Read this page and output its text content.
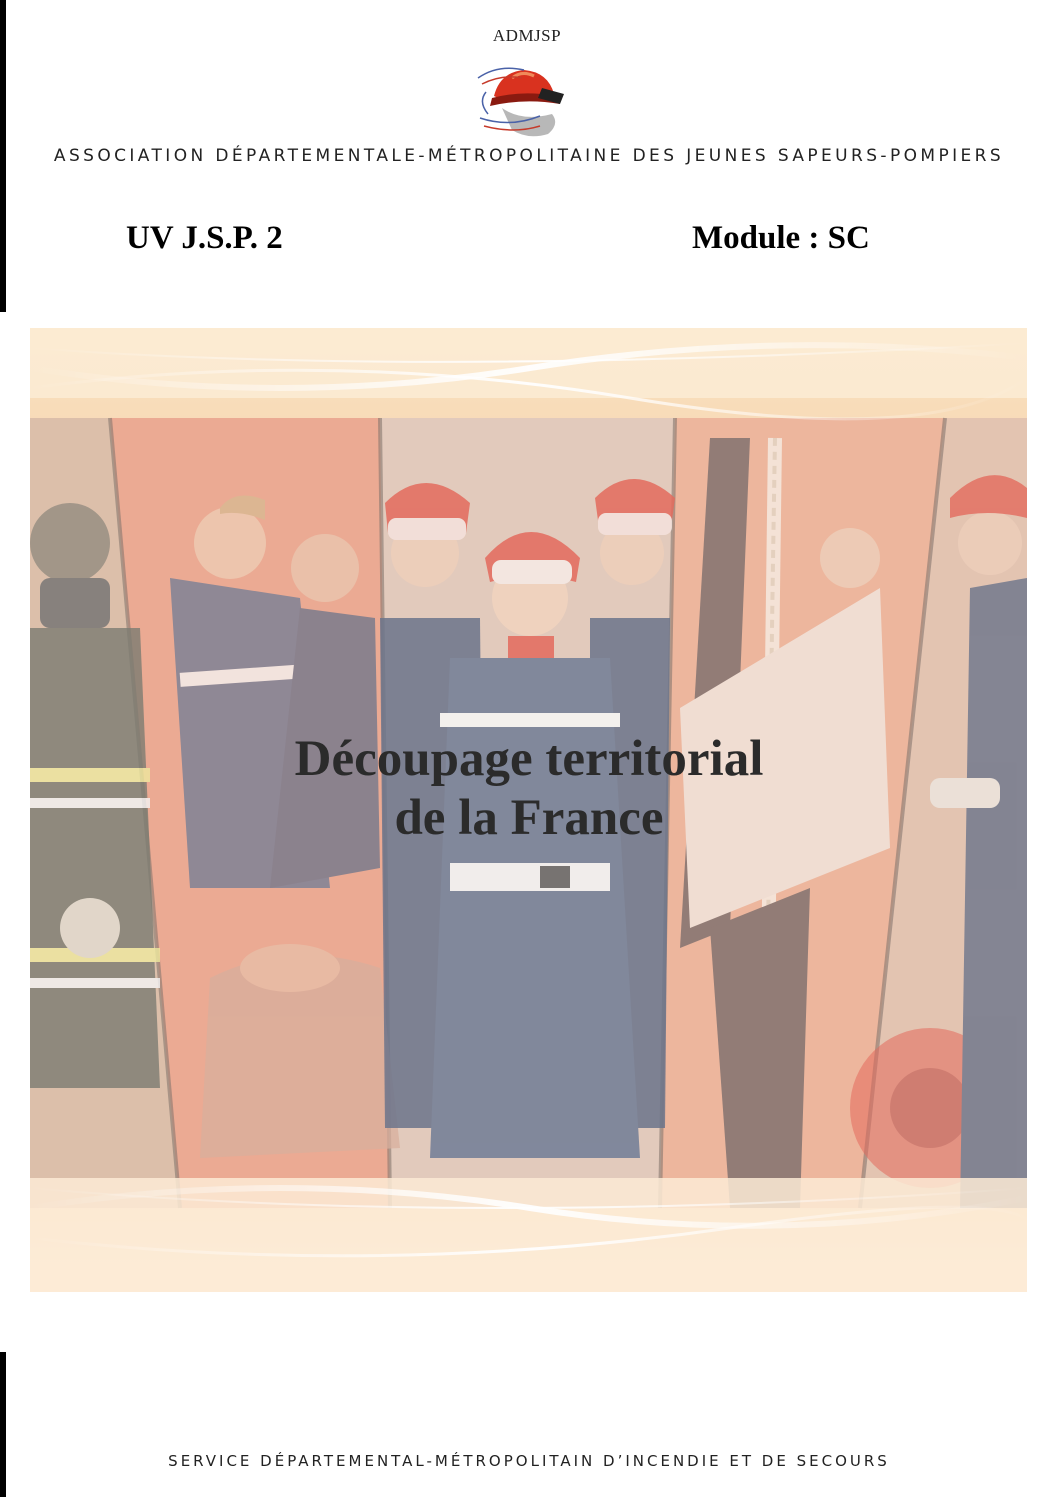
ADMJSP
ASSOCIATION DÉPARTEMENTALE-MÉTROPOLITAINE DES JEUNES SAPEURS-POMPIERS
UV J.S.P. 2	Module : SC
Découpage territorial
de la France
SERVICE DÉPARTEMENTAL-MÉTROPOLITAIN D’INCENDIE ET DE SECOURS
